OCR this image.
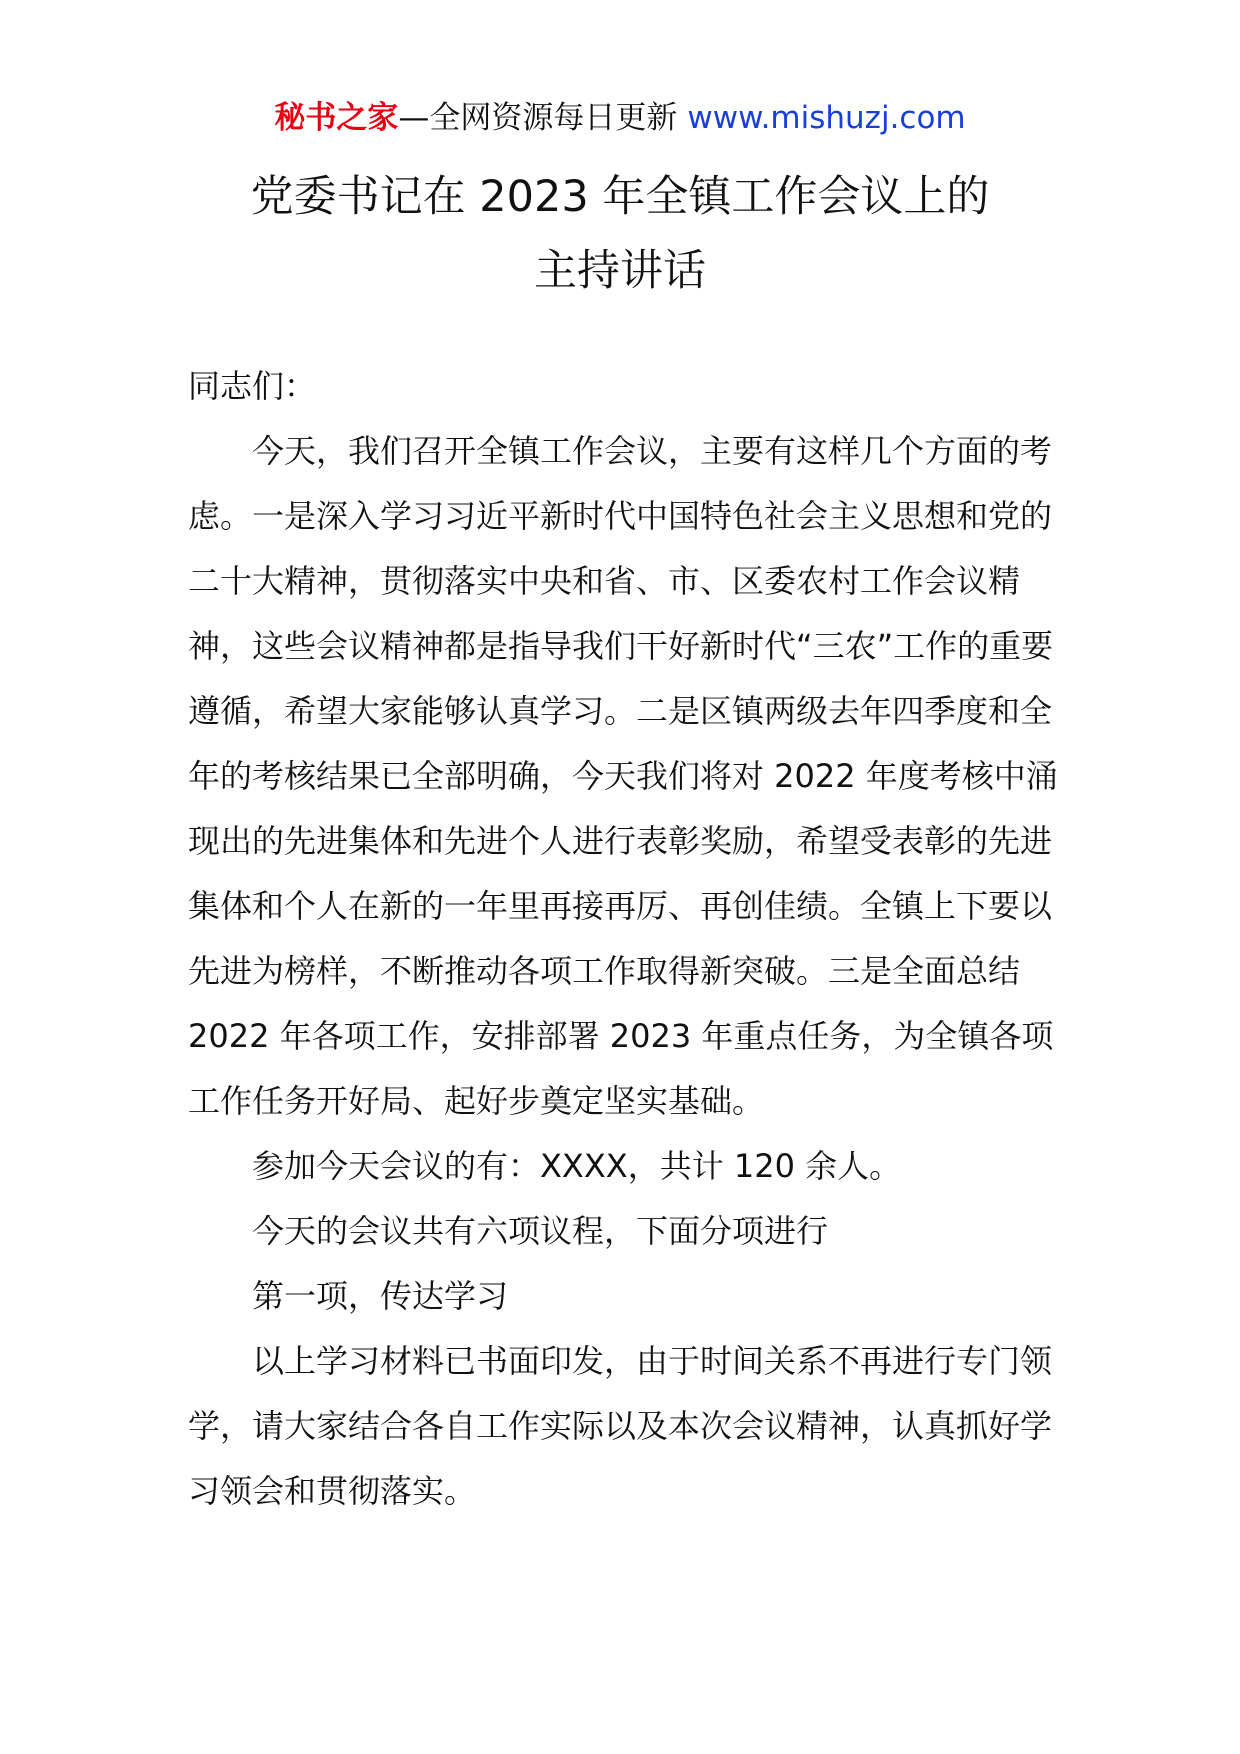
秘书之家—全网资源每日更新 www.mishuzj.com
党委书记在 2023 年全镇工作会议上的
主持讲话

同志们：

今天，我们召开全镇工作会议，主要有这样几个方面的考虑。一是深入学习习近平新时代中国特色社会主义思想和党的二十大精神，贯彻落实中央和省、市、区委农村工作会议精神，这些会议精神都是指导我们干好新时代“三农”工作的重要遵循，希望大家能够认真学习。二是区镇两级去年四季度和全年的考核结果已全部明确，今天我们将对 2022 年度考核中涌现出的先进集体和先进个人进行表彰奖励，希望受表彰的先进集体和个人在新的一年里再接再厉、再创佳绩。全镇上下要以先进为榜样，不断推动各项工作取得新突破。三是全面总结 2022 年各项工作，安排部署 2023 年重点任务，为全镇各项工作任务开好局、起好步奠定坚实基础。

参加今天会议的有：XXXX，共计 120 余人。

今天的会议共有六项议程，下面分项进行

第一项，传达学习

以上学习材料已书面印发，由于时间关系不再进行专门领学，请大家结合各自工作实际以及本次会议精神，认真抓好学习领会和贯彻落实。
